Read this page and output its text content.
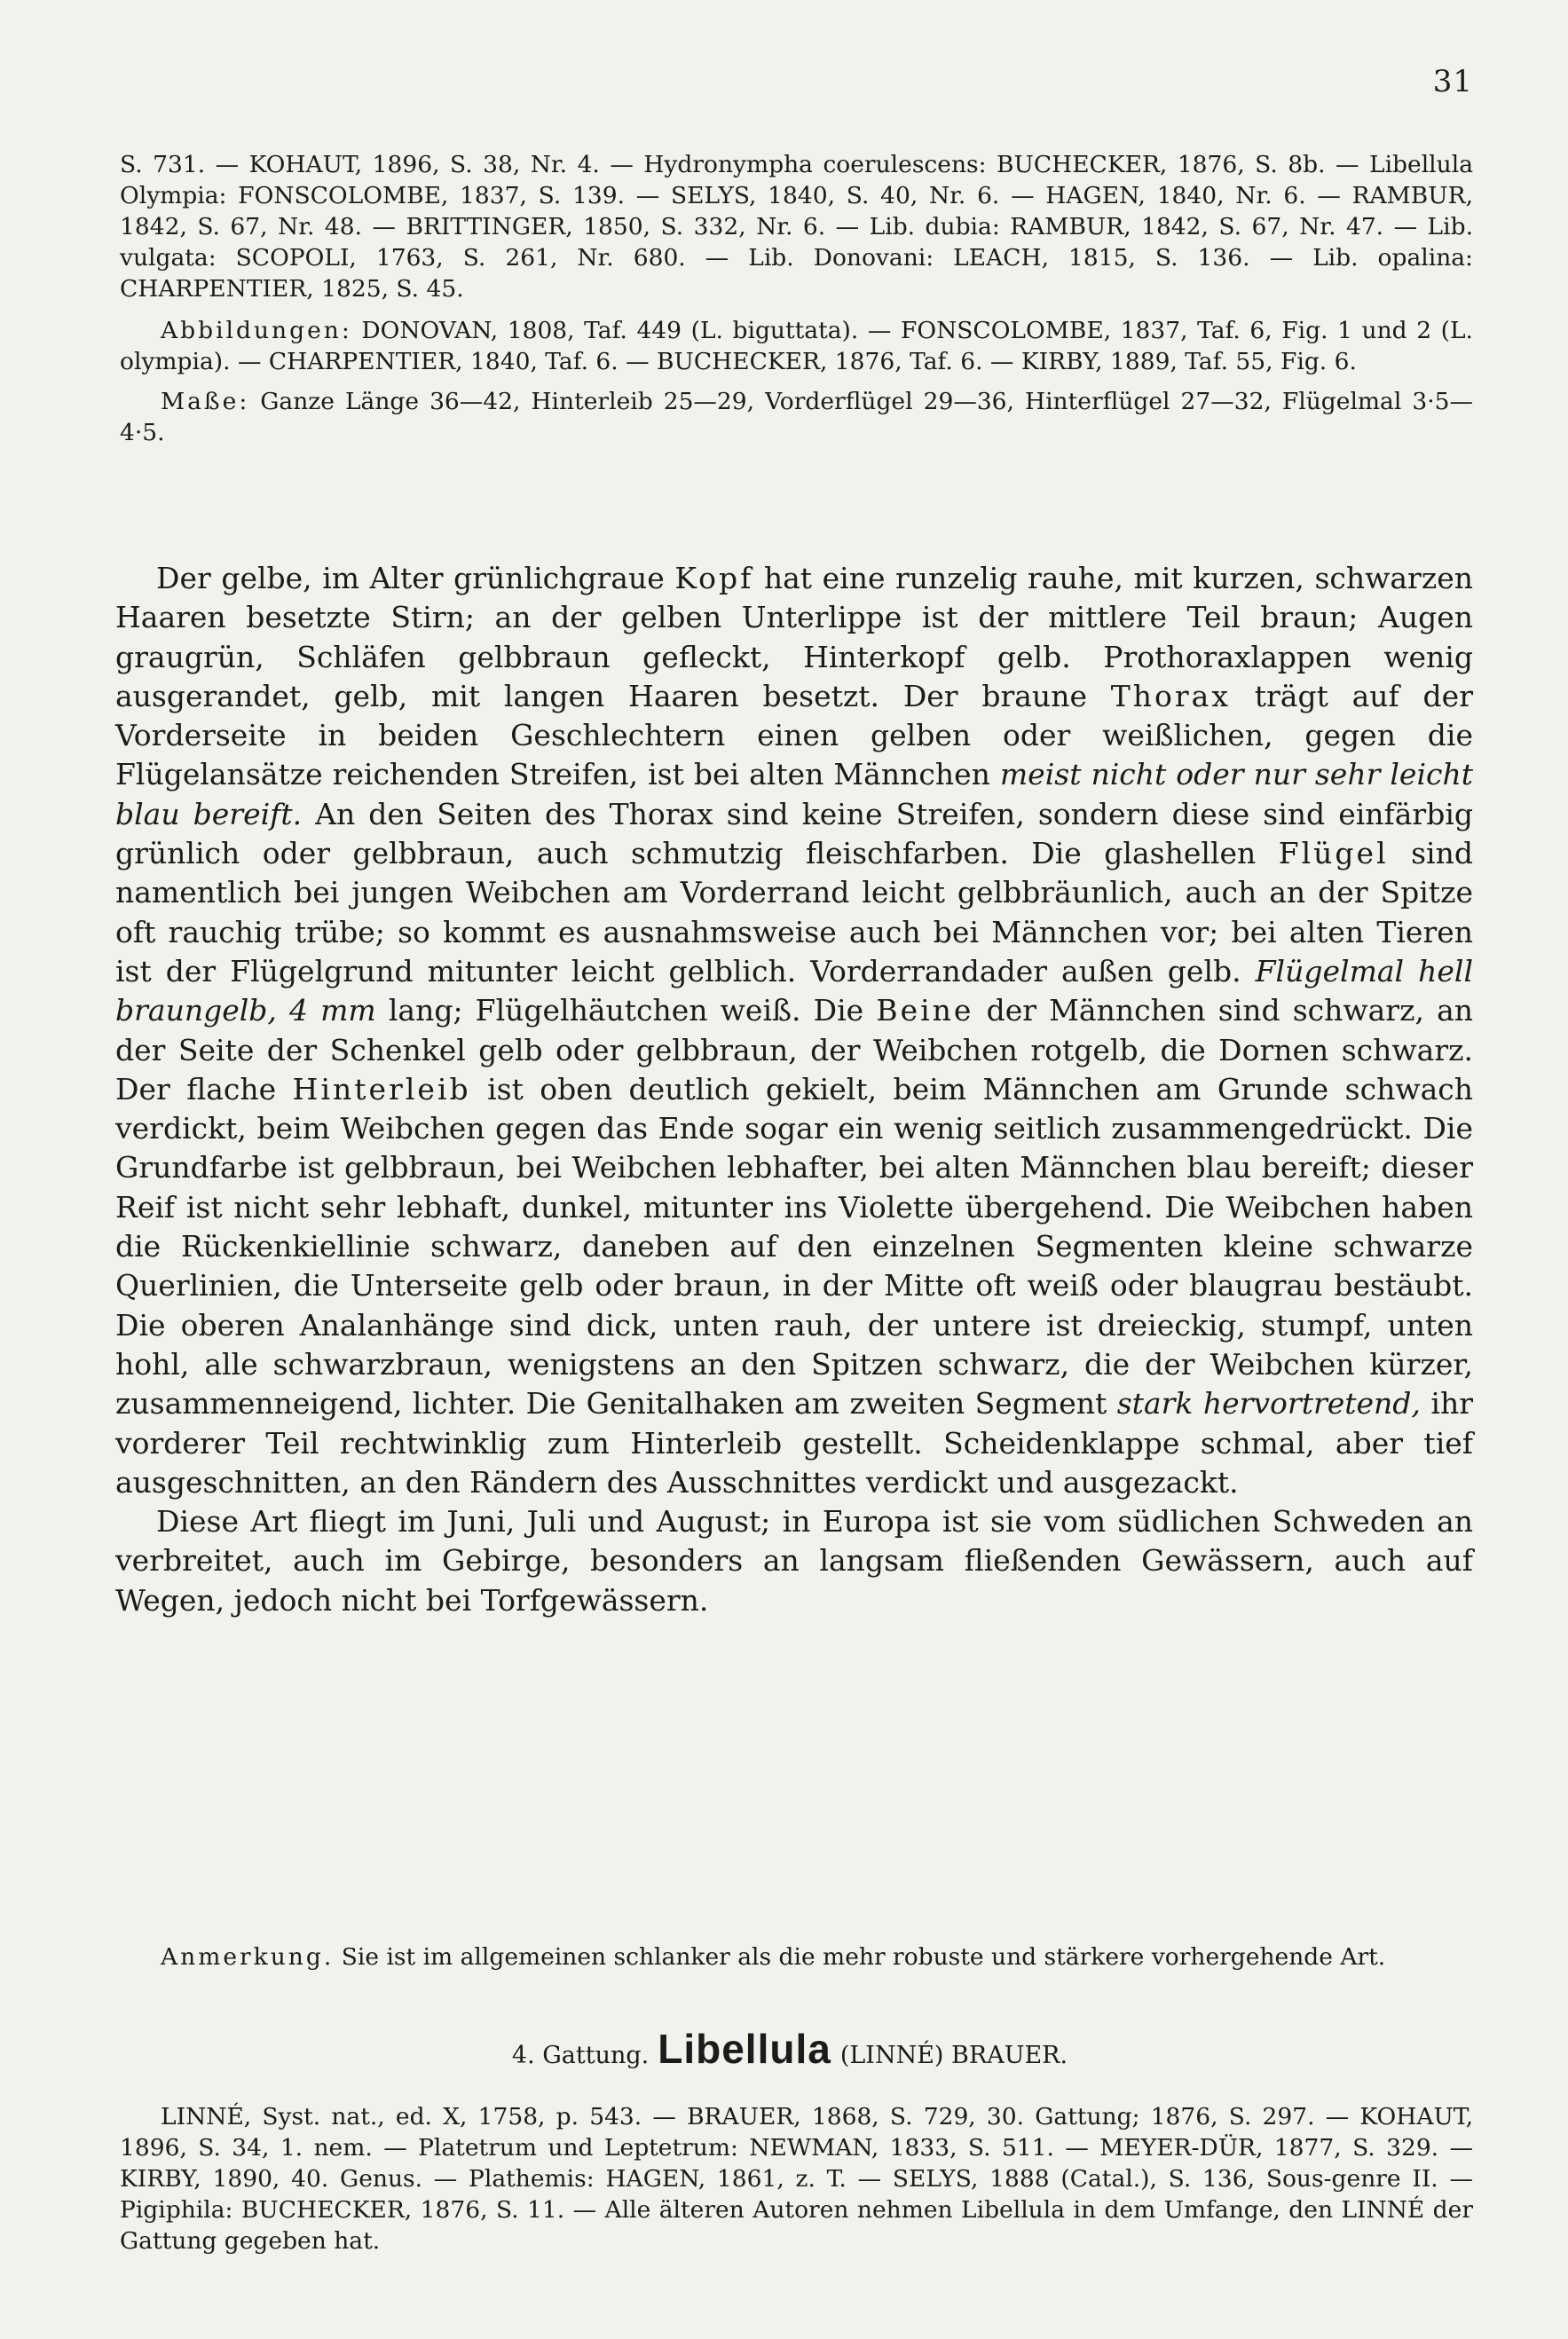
31

S. 731. — KOHAUT, 1896, S. 38, Nr. 4. — Hydronympha coerulescens: BUCHECKER, 1876, S. 8b. — Libellula Olympia: FONSCOLOMBE, 1837, S. 139. — SELYS, 1840, S. 40, Nr. 6. — HAGEN, 1840, Nr. 6. — RAMBUR, 1842, S. 67, Nr. 48. — BRITTINGER, 1850, S. 332, Nr. 6. — Lib. dubia: RAMBUR, 1842, S. 67, Nr. 47. — Lib. vulgata: SCOPOLI, 1763, S. 261, Nr. 680. — Lib. Donovani: LEACH, 1815, S. 136. — Lib. opalina: CHARPENTIER, 1825, S. 45.

Abbildungen: DONOVAN, 1808, Taf. 449 (L. biguttata). — FONSCOLOMBE, 1837, Taf. 6, Fig. 1 und 2 (L. olympia). — CHARPENTIER, 1840, Taf. 6. — BUCHECKER, 1876, Taf. 6. — KIRBY, 1889, Taf. 55, Fig. 6.

Maße: Ganze Länge 36—42, Hinterleib 25—29, Vorderflügel 29—36, Hinterflügel 27—32, Flügelmal 3·5—4·5.

Der gelbe, im Alter grünlichgraue Kopf hat eine runzelig rauhe, mit kurzen, schwarzen Haaren besetzte Stirn; an der gelben Unterlippe ist der mittlere Teil braun; Augen graugrün, Schläfen gelbbraun gefleckt, Hinterkopf gelb. Prothoraxlappen wenig ausgerandet, gelb, mit langen Haaren besetzt. Der braune Thorax trägt auf der Vorderseite in beiden Geschlechtern einen gelben oder weißlichen, gegen die Flügelansätze reichenden Streifen, ist bei alten Männchen meist nicht oder nur sehr leicht blau bereift. An den Seiten des Thorax sind keine Streifen, sondern diese sind einfärbig grünlich oder gelbbraun, auch schmutzig fleischfarben. Die glashellen Flügel sind namentlich bei jungen Weibchen am Vorderrand leicht gelbbräunlich, auch an der Spitze oft rauchig trübe; so kommt es ausnahmsweise auch bei Männchen vor; bei alten Tieren ist der Flügelgrund mitunter leicht gelblich. Vorderrandader außen gelb. Flügelmal hell braungelb, 4 mm lang; Flügelhäutchen weiß. Die Beine der Männchen sind schwarz, an der Seite der Schenkel gelb oder gelbbraun, der Weibchen rotgelb, die Dornen schwarz. Der flache Hinterleib ist oben deutlich gekielt, beim Männchen am Grunde schwach verdickt, beim Weibchen gegen das Ende sogar ein wenig seitlich zusammengedrückt. Die Grundfarbe ist gelbbraun, bei Weibchen lebhafter, bei alten Männchen blau bereift; dieser Reif ist nicht sehr lebhaft, dunkel, mitunter ins Violette übergehend. Die Weibchen haben die Rückenkiellinie schwarz, daneben auf den einzelnen Segmenten kleine schwarze Querlinien, die Unterseite gelb oder braun, in der Mitte oft weiß oder blaugrau bestäubt. Die oberen Analanhänge sind dick, unten rauh, der untere ist dreieckig, stumpf, unten hohl, alle schwarzbraun, wenigstens an den Spitzen schwarz, die der Weibchen kürzer, zusammenneigend, lichter. Die Genitalhaken am zweiten Segment stark hervortretend, ihr vorderer Teil rechtwinklig zum Hinterleib gestellt. Scheidenklappe schmal, aber tief ausgeschnitten, an den Rändern des Ausschnittes verdickt und ausgezackt.

Diese Art fliegt im Juni, Juli und August; in Europa ist sie vom südlichen Schweden an verbreitet, auch im Gebirge, besonders an langsam fließenden Gewässern, auch auf Wegen, jedoch nicht bei Torfgewässern.

Anmerkung. Sie ist im allgemeinen schlanker als die mehr robuste und stärkere vorhergehende Art.

4. Gattung. Libellula (LINNÉ) BRAUER.

LINNÉ, Syst. nat., ed. X, 1758, p. 543. — BRAUER, 1868, S. 729, 30. Gattung; 1876, S. 297. — KOHAUT, 1896, S. 34, 1. nem. — Platetrum und Leptetrum: NEWMAN, 1833, S. 511. — MEYER-DÜR, 1877, S. 329. — KIRBY, 1890, 40. Genus. — Plathemis: HAGEN, 1861, z. T. — SELYS, 1888 (Catal.), S. 136, Sous-genre II. — Pigiphila: BUCHECKER, 1876, S. 11. — Alle älteren Autoren nehmen Libellula in dem Umfange, den LINNÉ der Gattung gegeben hat.
